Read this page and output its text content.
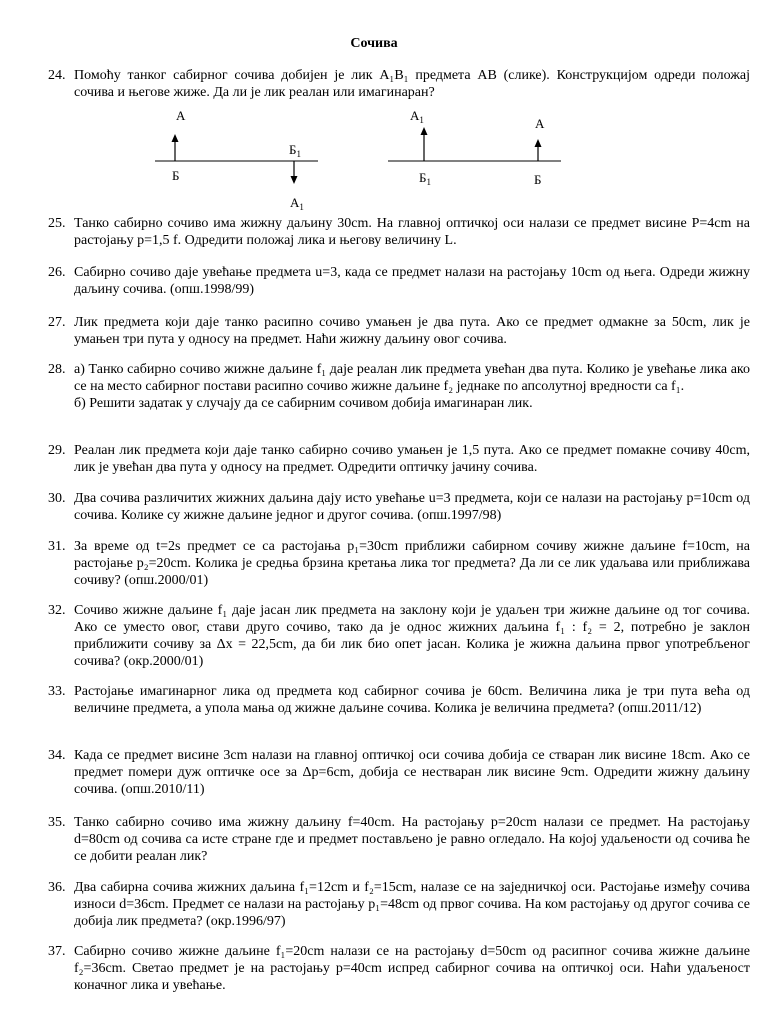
Сочива
A
Б
$Б_1$
$A_1$
$A_1$	A
$Б_1$	Б
24. Помоћу танког сабирног сочива добијен је лик A₁B₁ предмета AB (слике). Конструкцијом одреди положај сочива и његове жиже. Да ли је лик реалан или имагинаран?

25. Танко сабирно сочиво има жижну даљину 30cm. На главној оптичкој оси налази се предмет висине P=4cm на растојању p=1,5 f. Одредити положај лика и његову величину L.

26. Сабирно сочиво даје увећање предмета u=3, када се предмет налази на растојању 10cm од њега. Одреди жижну даљину сочива. (опш.1998/99)

27. Лик предмета који даје танко расипно сочиво умањен је два пута. Ако се предмет одмакне за 50cm, лик је умањен три пута у односу на предмет. Наћи жижну даљину овог сочива.

28. а) Танко сабирно сочиво жижне даљине f₁ даје реалан лик предмета увећан два пута. Колико је увећање лика ако се на место сабирног постави расипно сочиво жижне даљине f₂ једнаке по апсолутној вредности са f₁.

б) Решити задатак у случају да се сабирним сочивом добија имагинаран лик.

29. Реалан лик предмета који даје танко сабирно сочиво умањен је 1,5 пута. Ако се предмет помакне сочиву 40cm, лик је увећан два пута у односу на предмет. Одредити оптичку јачину сочива.

30. Два сочива различитих жижних даљина дају исто увећање u=3 предмета, који се налази на растојању p=10cm од сочива. Колике су жижне даљине једног и другог сочива. (опш.1997/98)

31. За време од t=2s предмет се са растојања p₁=30cm приближи сабирном сочиву жижне даљине f=10cm, на растојање p₂=20cm. Колика је средња брзина кретања лика тог предмета? Да ли се лик удаљава или приближава сочиву? (опш.2000/01)

32. Сочиво жижне даљине f₁ даје јасан лик предмета на заклону који је удаљен три жижне даљине од тог сочива. Ако се уместо овог, стави друго сочиво, тако да је однос жижних даљина f₁ : f₂ = 2, потребно је заклон приближити сочиву за Δx = 22,5cm, да би лик био опет јасан. Колика је жижна даљина првог употребљеног сочива? (окр.2000/01)

33. Растојање имагинарног лика од предмета код сабирног сочива је 60cm. Величина лика је три пута већа од величине предмета, а упола мања од жижне даљине сочива. Колика је величина предмета? (опш.2011/12)

34. Када се предмет висине 3cm налази на главној оптичкој оси сочива добија се стваран лик висине 18cm. Ако се предмет помери дуж оптичке осе за Δp=6cm, добија се нестваран лик висине 9cm. Одредити жижну даљину сочива. (опш.2010/11)

35. Танко сабирно сочиво има жижну даљину f=40cm. На растојању p=20cm налази се предмет. На растојању d=80cm од сочива са исте стране где и предмет постављено је равно огледало. На којој удаљености од сочива ће се добити реалан лик?

36. Два сабирна сочива жижних даљина f₁=12cm и f₂=15cm, налазе се на заједничкој оси. Растојање између сочива износи d=36cm. Предмет се налази на растојању p₁=48cm од првог сочива. На ком растојању од другог сочива се добија лик предмета? (окр.1996/97)

37. Сабирно сочиво жижне даљине f₁=20cm налази се на растојању d=50cm од расипног сочива жижне даљине f₂=36cm. Светао предмет је на растојању p=40cm испред сабирног сочива на оптичкој оси. Наћи удаљеност коначног лика и увећање.
